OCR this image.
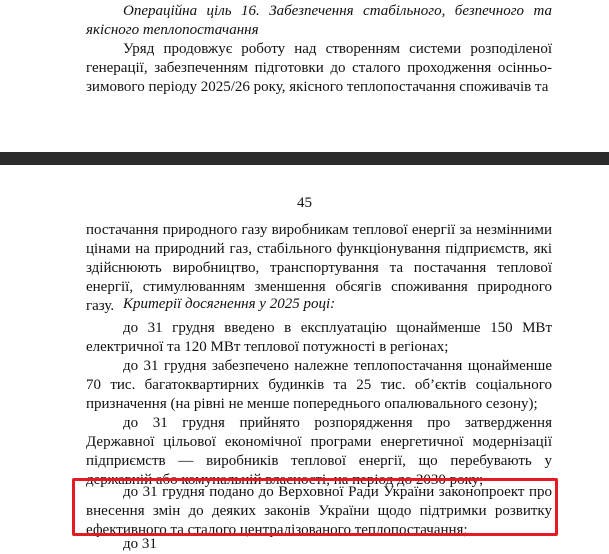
Операційна ціль 16. Забезпечення стабільного, безпечного та якісного теплопостачання

Уряд продовжує роботу над створенням системи розподіленої генерації, забезпеченням підготовки до сталого проходження осінньо-зимового періоду 2025/26 року, якісного теплопостачання споживачів та

45

постачання природного газу виробникам теплової енергії за незмінними цінами на природний газ, стабільного функціонування підприємств, які здійснюють виробництво, транспортування та постачання теплової енергії, стимулюванням зменшення обсягів споживання природного газу. Критерії досягнення у 2025 році:

до 31 грудня введено в експлуатацію щонайменше 150 МВт електричної та 120 МВт теплової потужності в регіонах;

до 31 грудня забезпечено належне теплопостачання щонайменше 70 тис. багатоквартирних будинків та 25 тис. об’єктів соціального призначення (на рівні не менше попереднього опалювального сезону);

до 31 грудня прийнято розпорядження про затвердження Державної цільової економічної програми енергетичної модернізації підприємств — виробників теплової енергії, що перебувають у державній або комунальній власності, на період до 2030 року;

до 31 грудня подано до Верховної Ради України законопроект про внесення змін до деяких законів України щодо підтримки розвитку ефективного та сталого централізованого теплопостачання;

до 31
